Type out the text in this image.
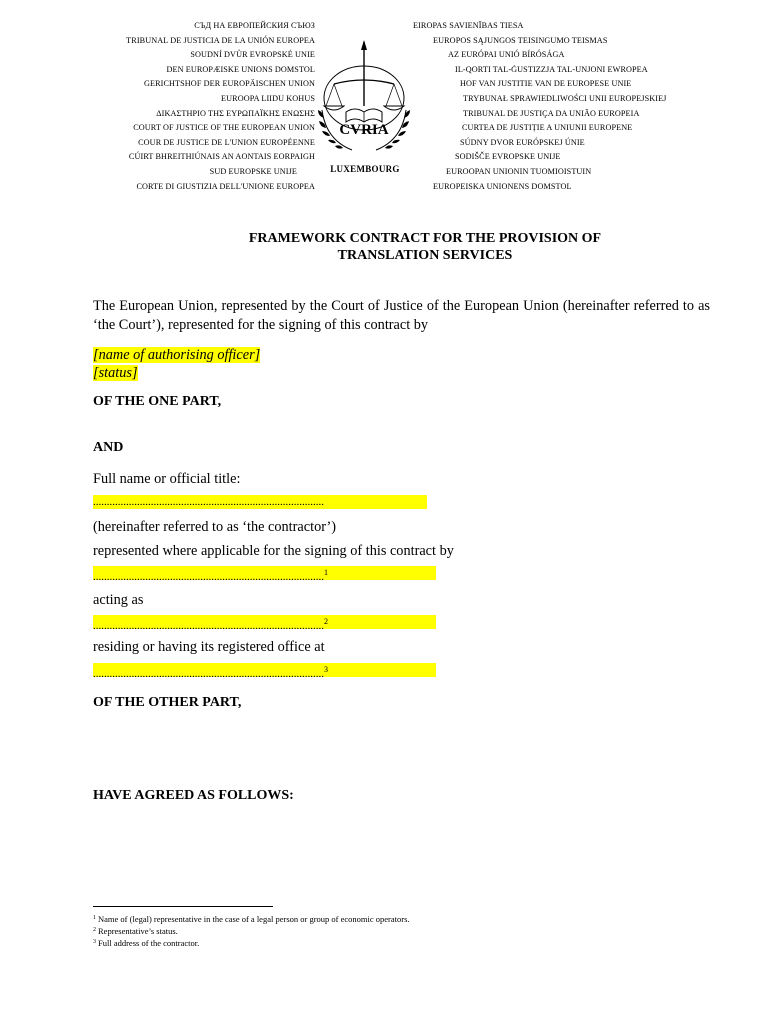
СЪД НА ЕВРОПЕЙСКИЯ СЪЮЗ
TRIBUNAL DE JUSTICIA DE LA UNIÓN EUROPEA
SOUDNÍ DVŮR EVROPSKÉ UNIE
DEN EUROPÆISKE UNIONS DOMSTOL
GERICHTSHOF DER EUROPÄISCHEN UNION
EUROOPA LIIDU KOHUS
ΔΙΚΑΣΤΗΡΙΟ ΤΗΣ ΕΥΡΩΠΑΪΚΗΣ ΕΝΩΣΗΣ
COURT OF JUSTICE OF THE EUROPEAN UNION
COUR DE JUSTICE DE L'UNION EUROPÉENNE
CÚIRT BHREITHIÚNAIS AN AONTAIS EORPAIGH
SUD EUROPSKE UNIJE
CORTE DI GIUSTIZIA DELL'UNIONE EUROPEA
CVRIA
LUXEMBOURG
EIROPAS SAVIENĪBAS TIESA
EUROPOS SĄJUNGOS TEISINGUMO TEISMAS
AZ EURÓPAI UNIÓ BÍRÓSÁGA
IL-QORTI TAL-ĠUSTIZZJA TAL-UNJONI EWROPEA
HOF VAN JUSTITIE VAN DE EUROPESE UNIE
TRYBUNAŁ SPRAWIEDLIWOŚCI UNII EUROPEJSKIEJ
TRIBUNAL DE JUSTIÇA DA UNIÃO EUROPEIA
CURTEA DE JUSTIȚIE A UNIUNII EUROPENE
SÚDNY DVOR EURÓPSKEJ ÚNIE
SODIŠČE EVROPSKE UNIJE
EUROOPAN UNIONIN TUOMIOISTUIN
EUROPEISKA UNIONENS DOMSTOL
FRAMEWORK CONTRACT FOR THE PROVISION OF
TRANSLATION SERVICES
The European Union, represented by the Court of Justice of the European Union (hereinafter referred to as ‘the Court’), represented for the signing of this contract by
[name of authorising officer]
[status]
OF THE ONE PART,
AND
Full name or official title:
....................................................................................
(hereinafter referred to as ‘the contractor’)
represented where applicable for the signing of this contract by
....................................................................................$^1$
acting as
....................................................................................$^2$
residing or having its registered office at
....................................................................................$^3$
OF THE OTHER PART,
HAVE AGREED AS FOLLOWS:
$^1$ Name of (legal) representative in the case of a legal person or group of economic operators.
$^2$ Representative’s status.
$^3$ Full address of the contractor.
